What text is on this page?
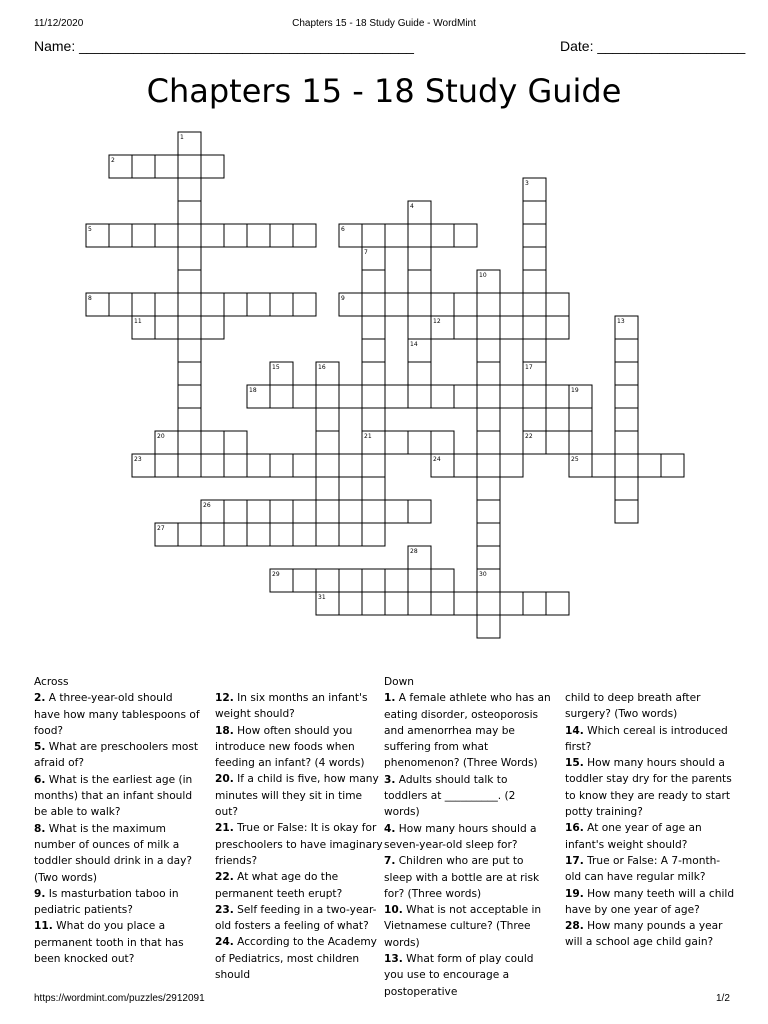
11/12/2020	Chapters 15 - 18 Study Guide - WordMint
Name: ___________________________________________	Date: ___________________
Chapters 15 - 18 Study Guide
1
2
3
4
5	6
7
8	9
10
11	12	13
14
15	16	17
18	19
20	21	22
23	24	25
26
27
28
29	30
31

Across

2. A three-year-old should have how many tablespoons of food?

5. What are preschoolers most afraid of?

6. What is the earliest age (in months) that an infant should be able to walk?

8. What is the maximum number of ounces of milk a toddler should drink in a day? (Two words)

9. Is masturbation taboo in pediatric patients?

11. What do you place a permanent tooth in that has been knocked out?

12. In six months an infant's weight should?

18. How often should you introduce new foods when feeding an infant? (4 words)

20. If a child is five, how many minutes will they sit in time out?

21. True or False: It is okay for preschoolers to have imaginary friends?

22. At what age do the permanent teeth erupt?

23. Self feeding in a two-year-old fosters a feeling of what?

24. According to the Academy of Pediatrics, most children should

Down

1. A female athlete who has an eating disorder, osteoporosis and amenorrhea may be suffering from what phenomenon? (Three Words)

3. Adults should talk to toddlers at __________. (2 words)

4. How many hours should a seven-year-old sleep for?

7. Children who are put to sleep with a bottle are at risk for? (Three words)

10. What is not acceptable in Vietnamese culture? (Three words)

13. What form of play could you use to encourage a postoperative

child to deep breath after surgery? (Two words)

14. Which cereal is introduced first?

15. How many hours should a toddler stay dry for the parents to know they are ready to start potty training?

16. At one year of age an infant's weight should?

17. True or False: A 7-month-old can have regular milk?

19. How many teeth will a child have by one year of age?

28. How many pounds a year will a school age child gain?

https://wordmint.com/puzzles/2912091	1/2
